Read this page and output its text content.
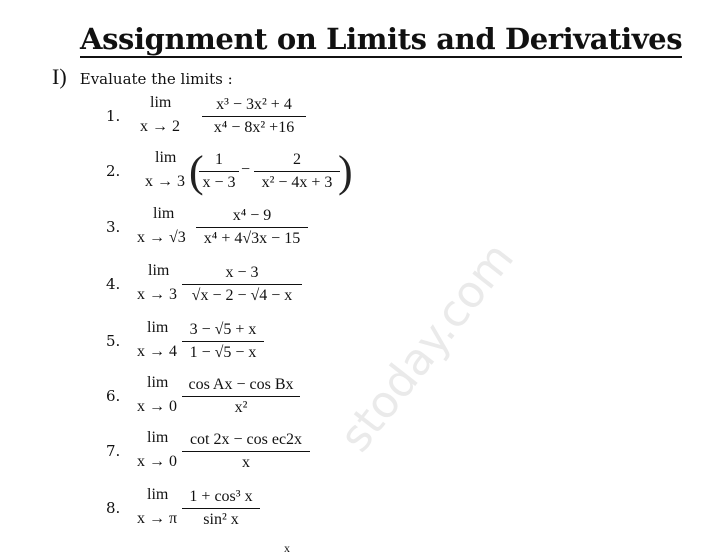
Assignment on Limits and Derivatives
I) Evaluate the limits :
1.
lim
$x \to 2 \frac{\text{x³ − 3x² + 4}}{\text{x⁴ − 8x² +16}}$
2.
lim
x → 3 (
$\frac{1}{x - 3} - \frac{2}{\text{x² − 4x + 3}}$
)
3.
lim
$x \to √3 \frac{\text{x⁴ − 9}}{\text{x⁴ + 4√3x − 15}}$
4.
lim
$x \to 3 \frac{x - 3}{√x - 2 - √4 - x}$
5.
lim
$x \to 4 \frac{3 - √5 + x}{1 - √5 - x}$
6.
lim
$x \to 0 \frac{\text{cos Ax − cos Bx}}{\text{x²}}$
7.
lim
$x \to 0 \frac{\text{cot 2x − cos ec2x}}{x}$
8.
lim
x → π $\frac{\text{1 + cos³ x}}{\text{sin² x}}$
x
stoday.com
